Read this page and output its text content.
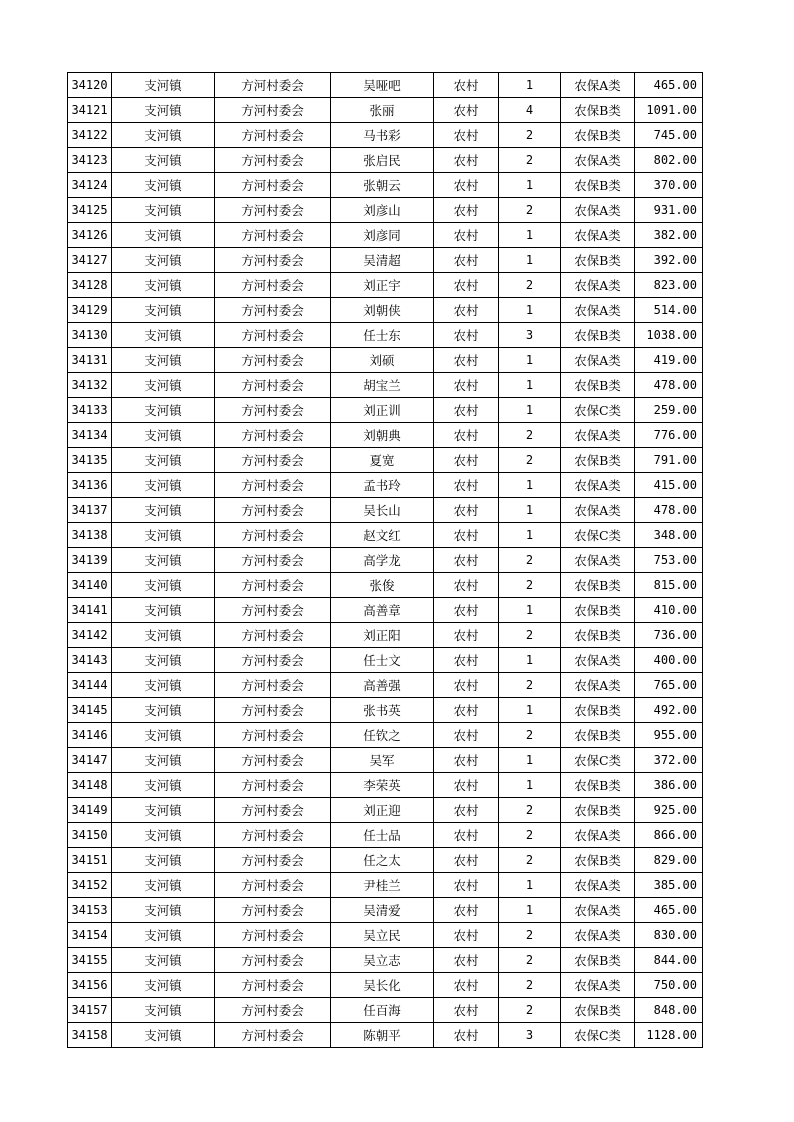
34120	支河镇	方河村委会	吴哑吧	农村	1	农保A类	465.00
34121	支河镇	方河村委会	张丽	农村	4	农保B类	1091.00
34122	支河镇	方河村委会	马书彩	农村	2	农保B类	745.00
34123	支河镇	方河村委会	张启民	农村	2	农保A类	802.00
34124	支河镇	方河村委会	张朝云	农村	1	农保B类	370.00
34125	支河镇	方河村委会	刘彦山	农村	2	农保A类	931.00
34126	支河镇	方河村委会	刘彦同	农村	1	农保A类	382.00
34127	支河镇	方河村委会	吴清超	农村	1	农保B类	392.00
34128	支河镇	方河村委会	刘正宇	农村	2	农保A类	823.00
34129	支河镇	方河村委会	刘朝侠	农村	1	农保A类	514.00
34130	支河镇	方河村委会	任士东	农村	3	农保B类	1038.00
34131	支河镇	方河村委会	刘硕	农村	1	农保A类	419.00
34132	支河镇	方河村委会	胡宝兰	农村	1	农保B类	478.00
34133	支河镇	方河村委会	刘正训	农村	1	农保C类	259.00
34134	支河镇	方河村委会	刘朝典	农村	2	农保A类	776.00
34135	支河镇	方河村委会	夏宽	农村	2	农保B类	791.00
34136	支河镇	方河村委会	孟书玲	农村	1	农保A类	415.00
34137	支河镇	方河村委会	吴长山	农村	1	农保A类	478.00
34138	支河镇	方河村委会	赵文红	农村	1	农保C类	348.00
34139	支河镇	方河村委会	高学龙	农村	2	农保A类	753.00
34140	支河镇	方河村委会	张俊	农村	2	农保B类	815.00
34141	支河镇	方河村委会	高善章	农村	1	农保B类	410.00
34142	支河镇	方河村委会	刘正阳	农村	2	农保B类	736.00
34143	支河镇	方河村委会	任士文	农村	1	农保A类	400.00
34144	支河镇	方河村委会	高善强	农村	2	农保A类	765.00
34145	支河镇	方河村委会	张书英	农村	1	农保B类	492.00
34146	支河镇	方河村委会	任钦之	农村	2	农保B类	955.00
34147	支河镇	方河村委会	吴军	农村	1	农保C类	372.00
34148	支河镇	方河村委会	李荣英	农村	1	农保B类	386.00
34149	支河镇	方河村委会	刘正迎	农村	2	农保B类	925.00
34150	支河镇	方河村委会	任士品	农村	2	农保A类	866.00
34151	支河镇	方河村委会	任之太	农村	2	农保B类	829.00
34152	支河镇	方河村委会	尹桂兰	农村	1	农保A类	385.00
34153	支河镇	方河村委会	吴清爱	农村	1	农保A类	465.00
34154	支河镇	方河村委会	吴立民	农村	2	农保A类	830.00
34155	支河镇	方河村委会	吴立志	农村	2	农保B类	844.00
34156	支河镇	方河村委会	吴长化	农村	2	农保A类	750.00
34157	支河镇	方河村委会	任百海	农村	2	农保B类	848.00
34158	支河镇	方河村委会	陈朝平	农村	3	农保C类	1128.00
